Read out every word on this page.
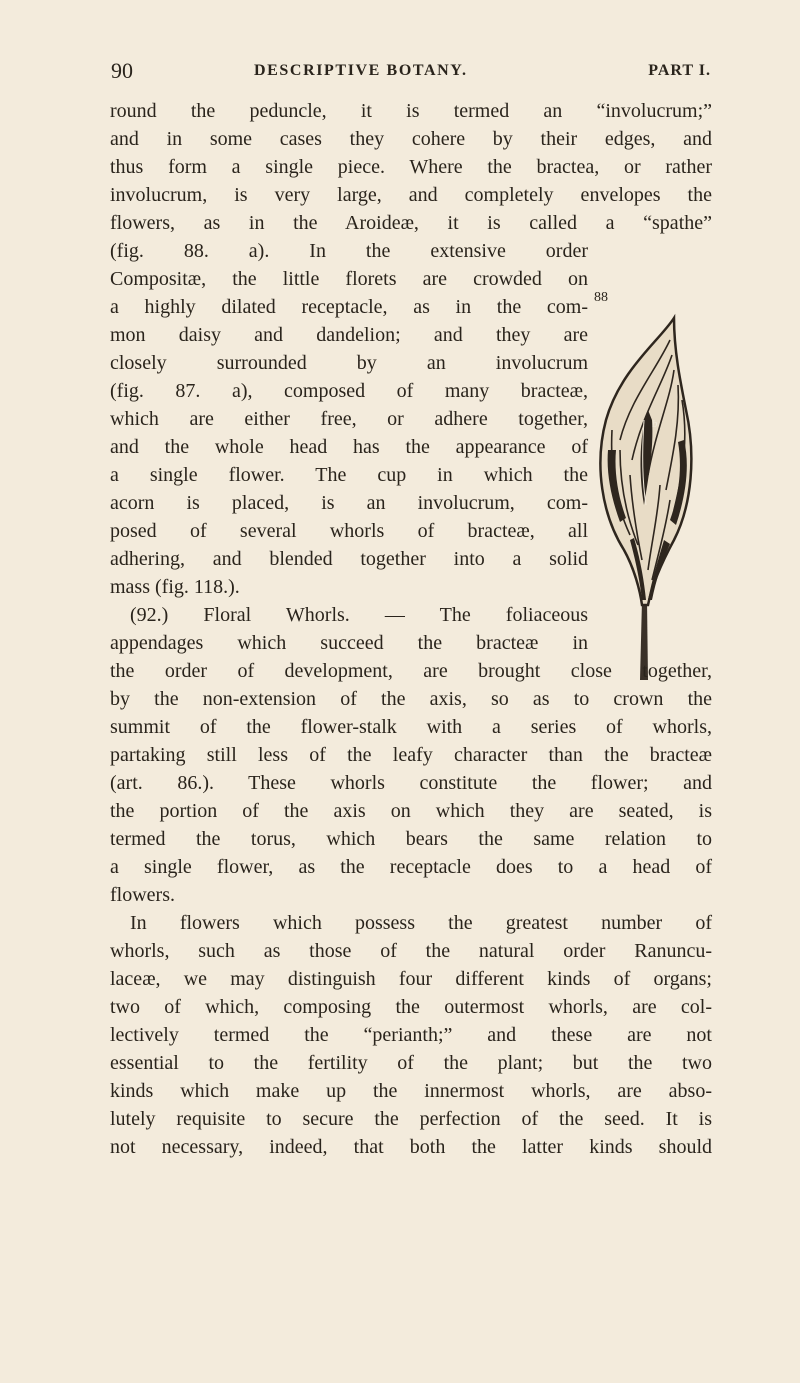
90	DESCRIPTIVE BOTANY.	PART I.
88
b
round the peduncle, it is termed an “involucrum;”
and in some cases they cohere by their edges, and
thus form a single piece. Where the bractea, or rather
involucrum, is very large, and completely envelopes the
flowers, as in the Aroideæ, it is called a “spathe”
(fig. 88. a). In the extensive order
Compositæ, the little florets are crowded on
a highly dilated receptacle, as in the com-
mon daisy and dandelion; and they are
closely surrounded by an involucrum
(fig. 87. a), composed of many bracteæ,
which are either free, or adhere together,
and the whole head has the appearance of
a single flower. The cup in which the
acorn is placed, is an involucrum, com-
posed of several whorls of bracteæ, all
adhering, and blended together into a solid
mass (fig. 118.).
(92.) Floral Whorls. — The foliaceous
appendages which succeed the bracteæ in
the order of development, are brought close together,
by the non-extension of the axis, so as to crown the
summit of the flower-stalk with a series of whorls,
partaking still less of the leafy character than the bracteæ
(art. 86.). These whorls constitute the flower; and
the portion of the axis on which they are seated, is
termed the torus, which bears the same relation to
a single flower, as the receptacle does to a head of
flowers.
In flowers which possess the greatest number of
whorls, such as those of the natural order Ranuncu-
laceæ, we may distinguish four different kinds of organs;
two of which, composing the outermost whorls, are col-
lectively termed the “perianth;” and these are not
essential to the fertility of the plant; but the two
kinds which make up the innermost whorls, are abso-
lutely requisite to secure the perfection of the seed. It is
not necessary, indeed, that both the latter kinds should
